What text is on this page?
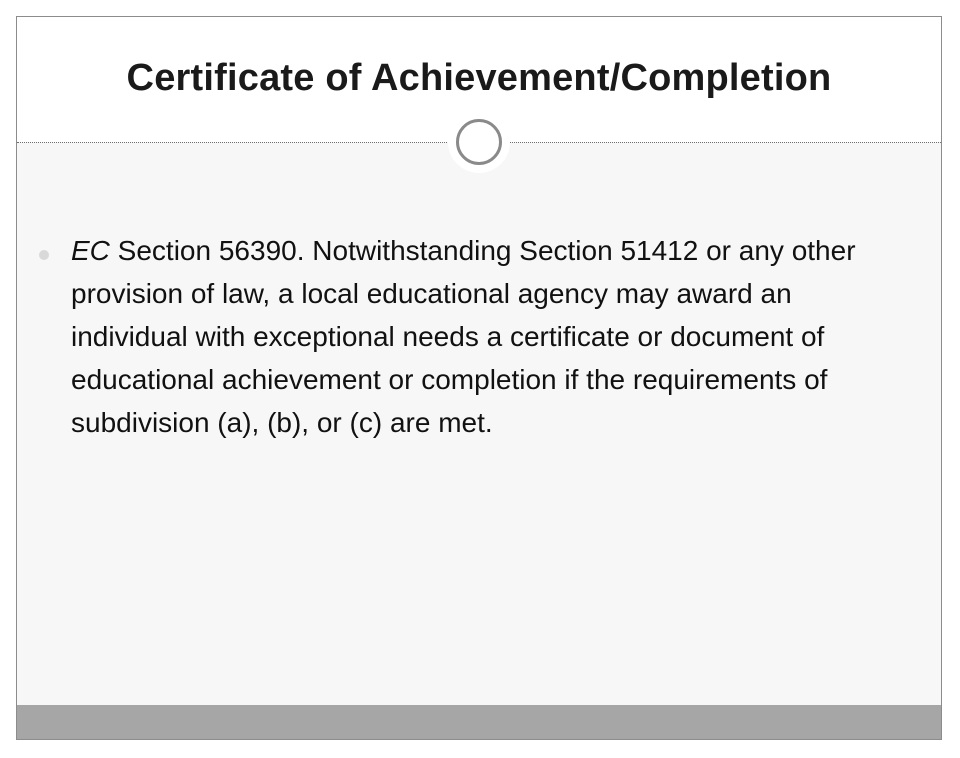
Certificate of Achievement/Completion

EC Section 56390. Notwithstanding Section 51412 or any other provision of law, a local educational agency may award an individual with exceptional needs a certificate or document of educational achievement or completion if the requirements of subdivision (a), (b), or (c) are met.
